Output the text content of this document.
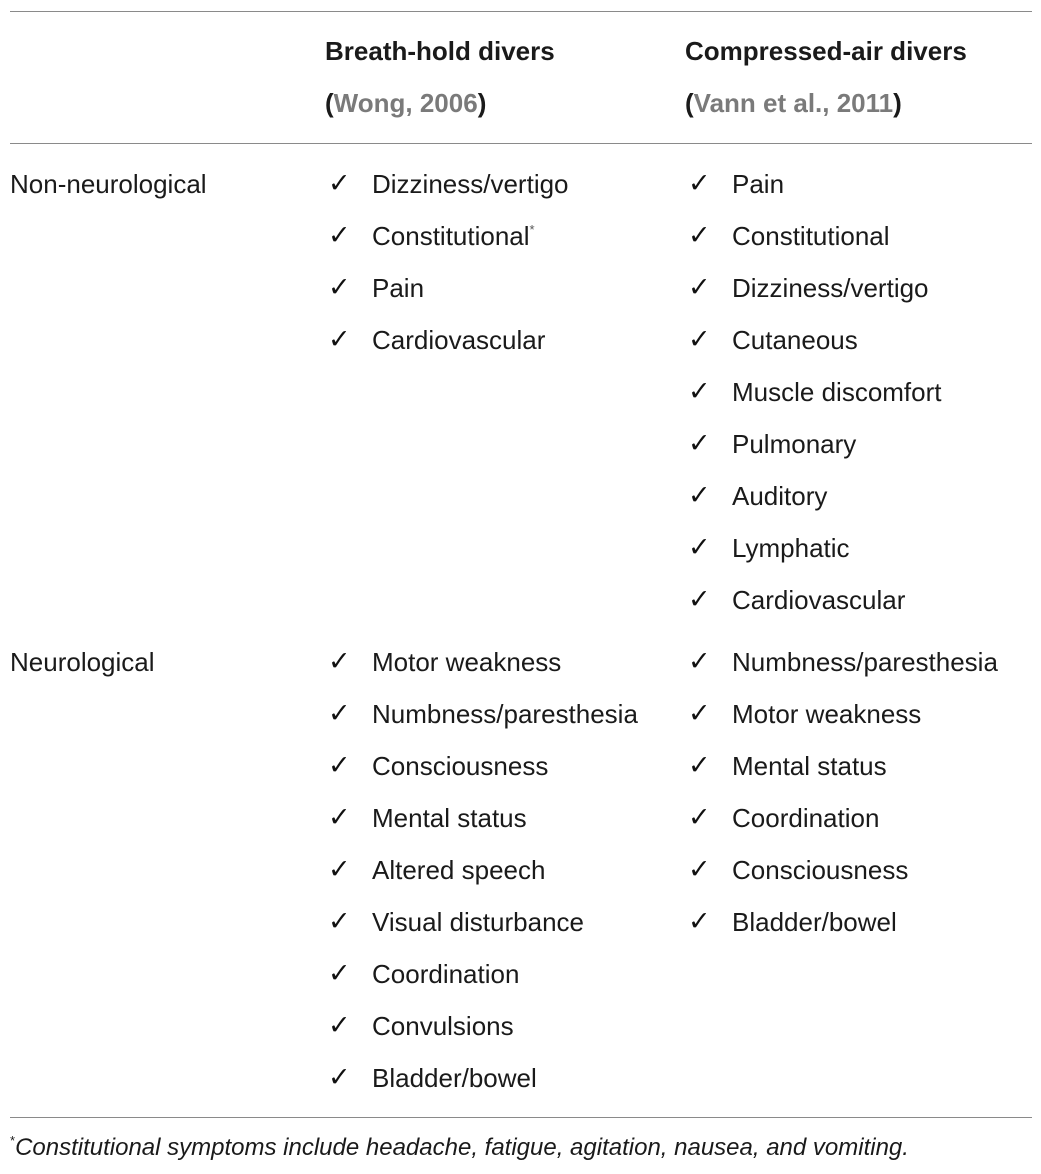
Breath-hold divers
(Wong, 2006)
Compressed-air divers
(Vann et al., 2011)
Non-neurological	✓ Dizziness/vertigo
✓ Constitutional*
✓ Pain
✓ Cardiovascular
✓ Pain
✓ Constitutional
✓ Dizziness/vertigo
✓ Cutaneous
✓ Muscle discomfort
✓ Pulmonary
✓ Auditory
✓ Lymphatic
✓ Cardiovascular
Neurological	✓ Motor weakness
✓ Numbness/paresthesia
✓ Consciousness
✓ Mental status
✓ Altered speech
✓ Visual disturbance
✓ Coordination
✓ Convulsions
✓ Bladder/bowel
✓ Numbness/paresthesia
✓ Motor weakness
✓ Mental status
✓ Coordination
✓ Consciousness
✓ Bladder/bowel
*Constitutional symptoms include headache, fatigue, agitation, nausea, and vomiting.
